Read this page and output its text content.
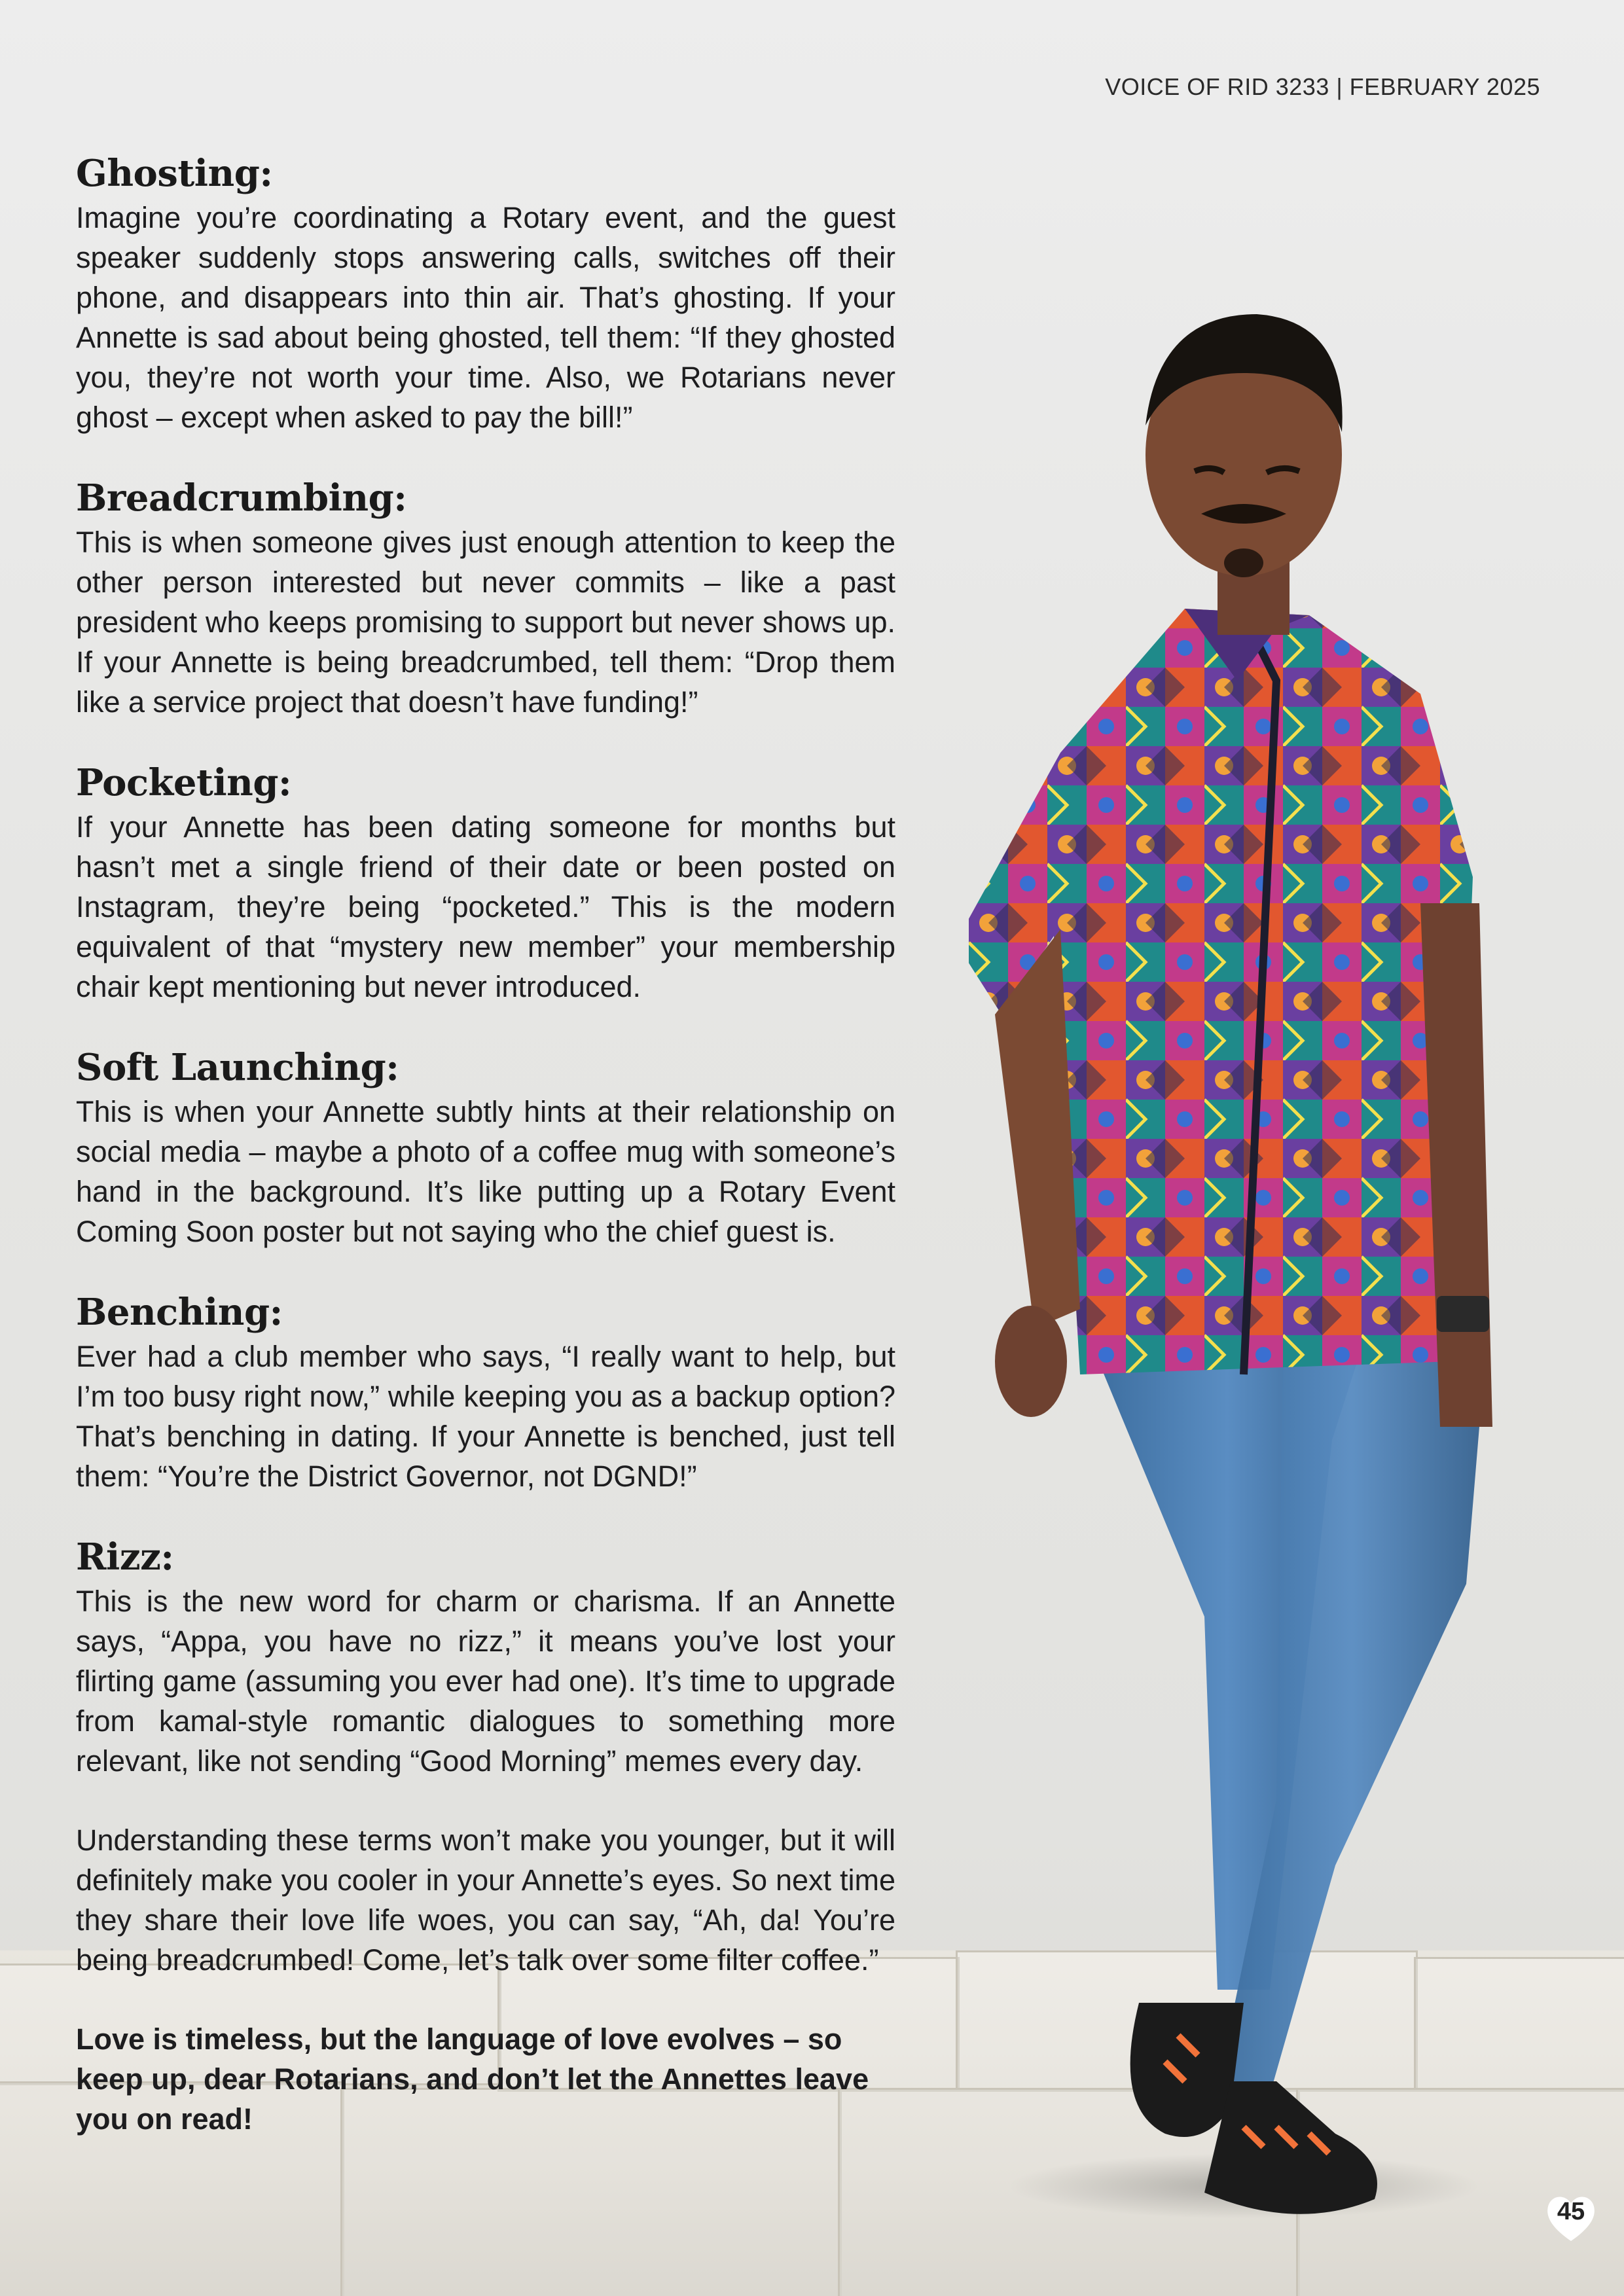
VOICE OF RID 3233 | FEBRUARY 2025
Ghosting:

Imagine you’re coordinating a Rotary event, and the guest speaker suddenly stops answering calls, switches off their phone, and disappears into thin air. That’s ghosting. If your Annette is sad about being ghosted, tell them: “If they ghosted you, they’re not worth your time. Also, we Rotarians never ghost – except when asked to pay the bill!”

Breadcrumbing:

This is when someone gives just enough attention to keep the other person interested but never commits – like a past president who keeps promising to support but never shows up. If your Annette is being breadcrumbed, tell them: “Drop them like a service project that doesn’t have funding!”

Pocketing:

If your Annette has been dating someone for months but hasn’t met a single friend of their date or been posted on Instagram, they’re being “pocketed.” This is the modern equivalent of that “mystery new member” your membership chair kept mentioning but never introduced.

Soft Launching:

This is when your Annette subtly hints at their relationship on social media – maybe a photo of a coffee mug with someone’s hand in the background. It’s like putting up a Rotary Event Coming Soon poster but not saying who the chief guest is.

Benching:

Ever had a club member who says, “I really want to help, but I’m too busy right now,” while keeping you as a backup option? That’s benching in dating. If your Annette is benched, just tell them: “You’re the District Governor, not DGND!”

Rizz:

This is the new word for charm or charisma. If an Annette says, “Appa, you have no rizz,” it means you’ve lost your flirting game (assuming you ever had one). It’s time to upgrade from kamal-style romantic dialogues to something more relevant, like not sending “Good Morning” memes every day.

Understanding these terms won’t make you younger, but it will definitely make you cooler in your Annette’s eyes. So next time they share their love life woes, you can say, “Ah, da! You’re being breadcrumbed! Come, let’s talk over some filter coffee.”

Love is timeless, but the language of love evolves – so keep up, dear Rotarians, and don’t let the Annettes leave you on read!

45
